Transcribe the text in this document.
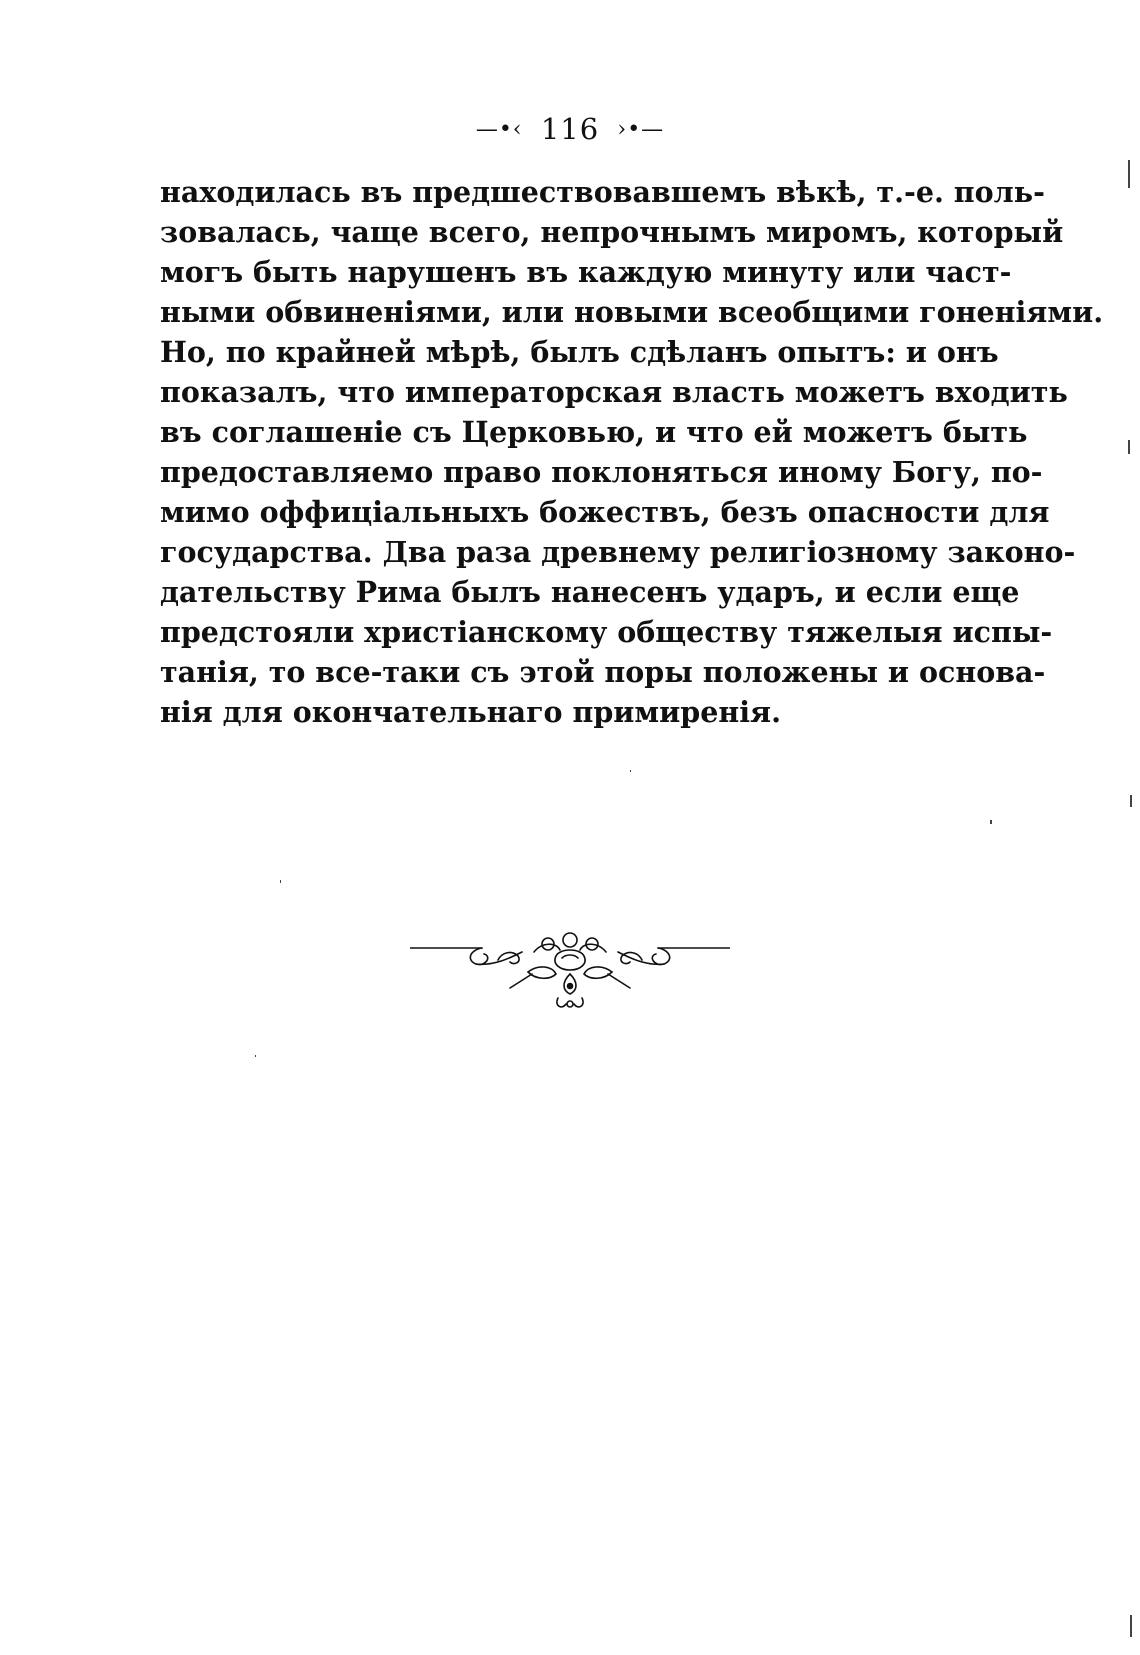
—•‹ 116 ›•—
находилась въ предшествовавшемъ вѣкѣ, т.-е. поль-
зовалась, чаще всего, непрочнымъ миромъ, который
могъ быть нарушенъ въ каждую минуту или част-
ными обвиненіями, или новыми всеобщими гоненіями.
Но, по крайней мѣрѣ, былъ сдѣланъ опытъ: и онъ
показалъ, что императорская власть можетъ входить
въ соглашеніе съ Церковью, и что ей можетъ быть
предоставляемо право поклоняться иному Богу, по-
мимо оффиціальныхъ божествъ, безъ опасности для
государства. Два раза древнему религіозному законо-
дательству Рима былъ нанесенъ ударъ, и если еще
предстояли христіанскому обществу тяжелыя испы-
танія, то все-таки съ этой поры положены и основа-
нія для окончательнаго примиренія.
